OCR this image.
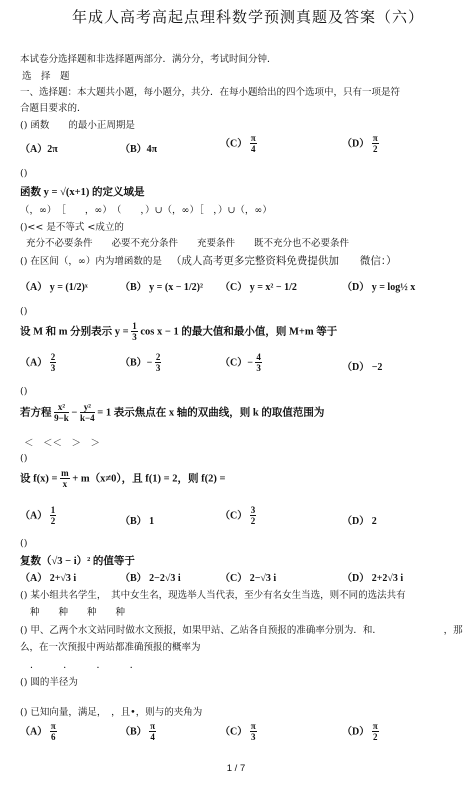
年成人高考高起点理科数学预测真题及答案（六）
本试卷分选择题和非选择题两部分．满分分，考试时间分钟．
选　择　题
一、选择题：本大题共小题，每小题分，共分．在每小题给出的四个选项中，只有一项是符
合题目要求的．
() 函数　　的最小正周期是
（A）2π	（B）4π
$(C) \frac{\pi}{4}$	$(D) \frac{\pi}{2}$
()
函数 y = √(x+1) 的定义域是
（，∞）　［　　，∞）　（　　，）∪（，∞）［　，）∪（，∞）
()<< 是不等式 <成立的
充分不必要条件　　必要不充分条件　　充要条件　　既不充分也不必要条件
() 在区间（，∞）内为增函数的是 （成人高考更多完整资料免费提供加　　微信：）
（A） y = (1/2)ˣ	（B） y = (x − 1/2)² （C） y = x² − 1/2	（D） y = log½ x
()
设 M 和 m 分别表示 $y = \frac{1}{3}$ cos x − 1 的最大值和最小值，则 M+m 等于
$(A) \frac{2}{3}$	$(B)- \frac{2}{3}$	$(C)- \frac{4}{3}$	（D） −2
()
若方程 $\frac{\text{x²}}{9-k} - \frac{\text{y²}}{k-4} = 1$ 表示焦点在 x 轴的双曲线，则 k 的取值范围为
＜　＜＜　＞　＞
()
设 $f(x) = \frac{m}{x} + m(x\ne 0)$，且 f(1) = 2，则 f(2) =
$(A) \frac{1}{2}$	（B） 1
$(C) \frac{3}{2}$	（D） 2
()
复数（√3 − i）² 的值等于
（A） 2+√3 i	（B） 2−2√3 i	（C） 2−√3 i	（D） 2+2√3 i
() 某小组共名学生，　其中女生名，现选举人当代表，至少有名女生当选，则不同的选法共有
种　　种　　种　　种
() 甲、乙两个水文站同时做水文预报，如果甲站、乙站各自预报的准确率分别为．和．　　　　　　　，那
么，在一次预报中两站都准确预报的概率为
．　　　．　　　．　　　．
() 圆的半径为
() 已知向量，满足，　，且•，则与的夹角为
$(A) \frac{\pi}{6}$	$(B) \frac{\pi}{4}$	$(C) \frac{\pi}{3}$	$(D) \frac{\pi}{2}$
1 / 7
